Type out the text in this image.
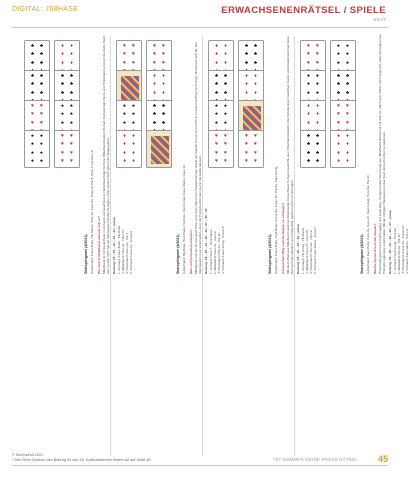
DIGITAL: 768HASE	ERWACHSENENRÄTSEL / SPIELE
SKAT
♣ ♣
♣ ♣
♣ ♣
♣ ♣
♣ ♣
♣ ♣
♥ ♥
♥ ♥
♥ ♥
♠ ♠
♠ ♠
♠ ♠
♠ ♠
♦ ♦
♦ ♦
♦ ♦
♣ ♣
♣ ♣
♣ ♣
♠ ♠
♠ ♠
♠ ♠
♥ ♥
♥ ♥
♥ ♥
♥ ♥
Skatspielgame (4/2021) Kartenhand: Kreuz-Bube, Pik-Dame, Herz-10, Karo-As, Kreuz-9, Pik-8, Herz-7 und Karo-8. Wer sitzt in Mittelhand und wie reizt er? Mittelhand ist mit Kreuz-Bube in Vorhand und spielt Grand, Hinterhand folgt mit Herz. Mittelhand bedient Trumpf, Vorhand legt Pik-As und Hinterhand schmiert die Zehn. Nach dem vierten Stich hat der Alleinspieler bereits 61 Augen, jeder weitere Stich gehört der Gegenpartei. Reizung: 18 – 20 – 22 – 23 – 24 – passe 1. Vorhand: Kreuz-Bube · Pik-Bube 2. Mittelhand: Herz-As · Herz-10 3. Hinterhand: Karo-As · Pik-7 4. Vorhand: Kreuz-As · Kreuz-9
♥ ♥
♥ ♥
♥ ♥
♠ ♠
♠ ♠
♠ ♠
♦ ♦
♦ ♦
♦ ♦
♦ ♦
♥ ♥
♥ ♥
♥ ♥
♦ ♦
♦ ♦
♦ ♦
♣ ♣
♣ ♣
♣ ♣
Skatspielgame (4/2021) Kartenhand: Pik-Bube, Herz-Bube, Herz-As, Herz-König, Kreuz-Dame, Karo-10. Was soll Vorhand ausspielen? Mittelhand reizt bis 33 und spielt Herz ohne Zwei. Nach dem Skataufnehmen drückt der Spieler Kreuz-10 und Pik-9. Vorhand eröffnet mit Trumpf, Hinterhand wirft ab. Der Alleinspieler muss entscheiden, ob er die Trümpfe zieht oder zuerst die Farbe abspielt. Reizung: 18 – 20 – 22 – 23 – 24 – 27 – 30 – 33 1. Vorhand: Herz-7 · Herz-Dame 2. Mittelhand: Karo-As · Karo-9 3. Hinterhand: Pik-As · Pik-10 4. Vorhand: Kreuz-König · Kreuz-8
♦ ♦
♦ ♦
♦ ♦
♣ ♣
♣ ♣
♣ ♣
♠ ♠
♠ ♠
♠ ♠
♥ ♥
♥ ♥
♥ ♥
♥ ♥
♣ ♣
♣ ♣
♣ ♣
♦ ♦
♦ ♦
♦ ♦
♥ ♥
♥ ♥
♥ ♥
♥ ♥
Skatspielgame (4/2021) Kartenhand: Kreuz-Bube, Herz-Bube, Kreuz-As, Kreuz-10, Pik-As, Karo-König. Auf welchem Weg sind die Gegner zu schlagen? Mit einem Blatt aus Mittelhand spielt der Alleinspieler Kreuz Hand. Vorhand spielt Pik aus, Hinterhand bedient. Die Verteilung der restlichen Karten entscheidet über das Spiel. Wer die Ruhe bewahrt und richtig zählt, gewinnt sicher mit 64 Augen. Reizung: 18 – 20 – 22 – 24 – passe 1. Vorhand: Pik-König · Pik-Dame 2. Mittelhand: Karo-10 · Karo-As 3. Hinterhand: Herz-As · Herz-9 4. Vorhand: Kreuz-Dame · Kreuz-7
♥ ♥
♥ ♥
♥ ♥
♠ ♠
♠ ♠
♠ ♠
♦ ♦
♦ ♦
♦ ♦
♣ ♣
♣ ♣
♣ ♣
♣ ♣
♠ ♠
♠ ♠
♠ ♠
♣ ♣
♣ ♣
♣ ♣
♥ ♥
♥ ♥
♥ ♥
♦ ♦
♦ ♦
♦ ♦
♦ ♦
Skatspielgame (4/2021) Kartenhand: Karo-Bube, Karo-As, Karo-10, Karo-König, Herz-As, Pik-10. Welche Karten drückt der Spieler? Hinterhand gewinnt den Reizvorgang und spielt Karo. Vorhand spielt Herz-König aus, Mittelhand übernimmt mit dem As. Nach dem dritten Stich zeigt sich, dass die Gegner die Trümpfe ungünstig verteilt haben. Mit der richtigen Spielweise ist das Spiel dennoch sicher zu gewinnen. Reizung: 18 – 20 – 22 – 23 – 24 – 27 – passe 1. Vorhand: Herz-König · Herz-As 2. Mittelhand: Pik-As · Pik-10 3. Hinterhand: Kreuz-As · Kreuz-10 4. Vorhand: Karo-Dame · Karo-9
© Schmidhof 2021
* Den Rest Gewinnt den Beitrag für den 15. Kalendertermin finden sie auf Seite 48	787 SOMMER DEINE PRESS RÄTSEL 45
